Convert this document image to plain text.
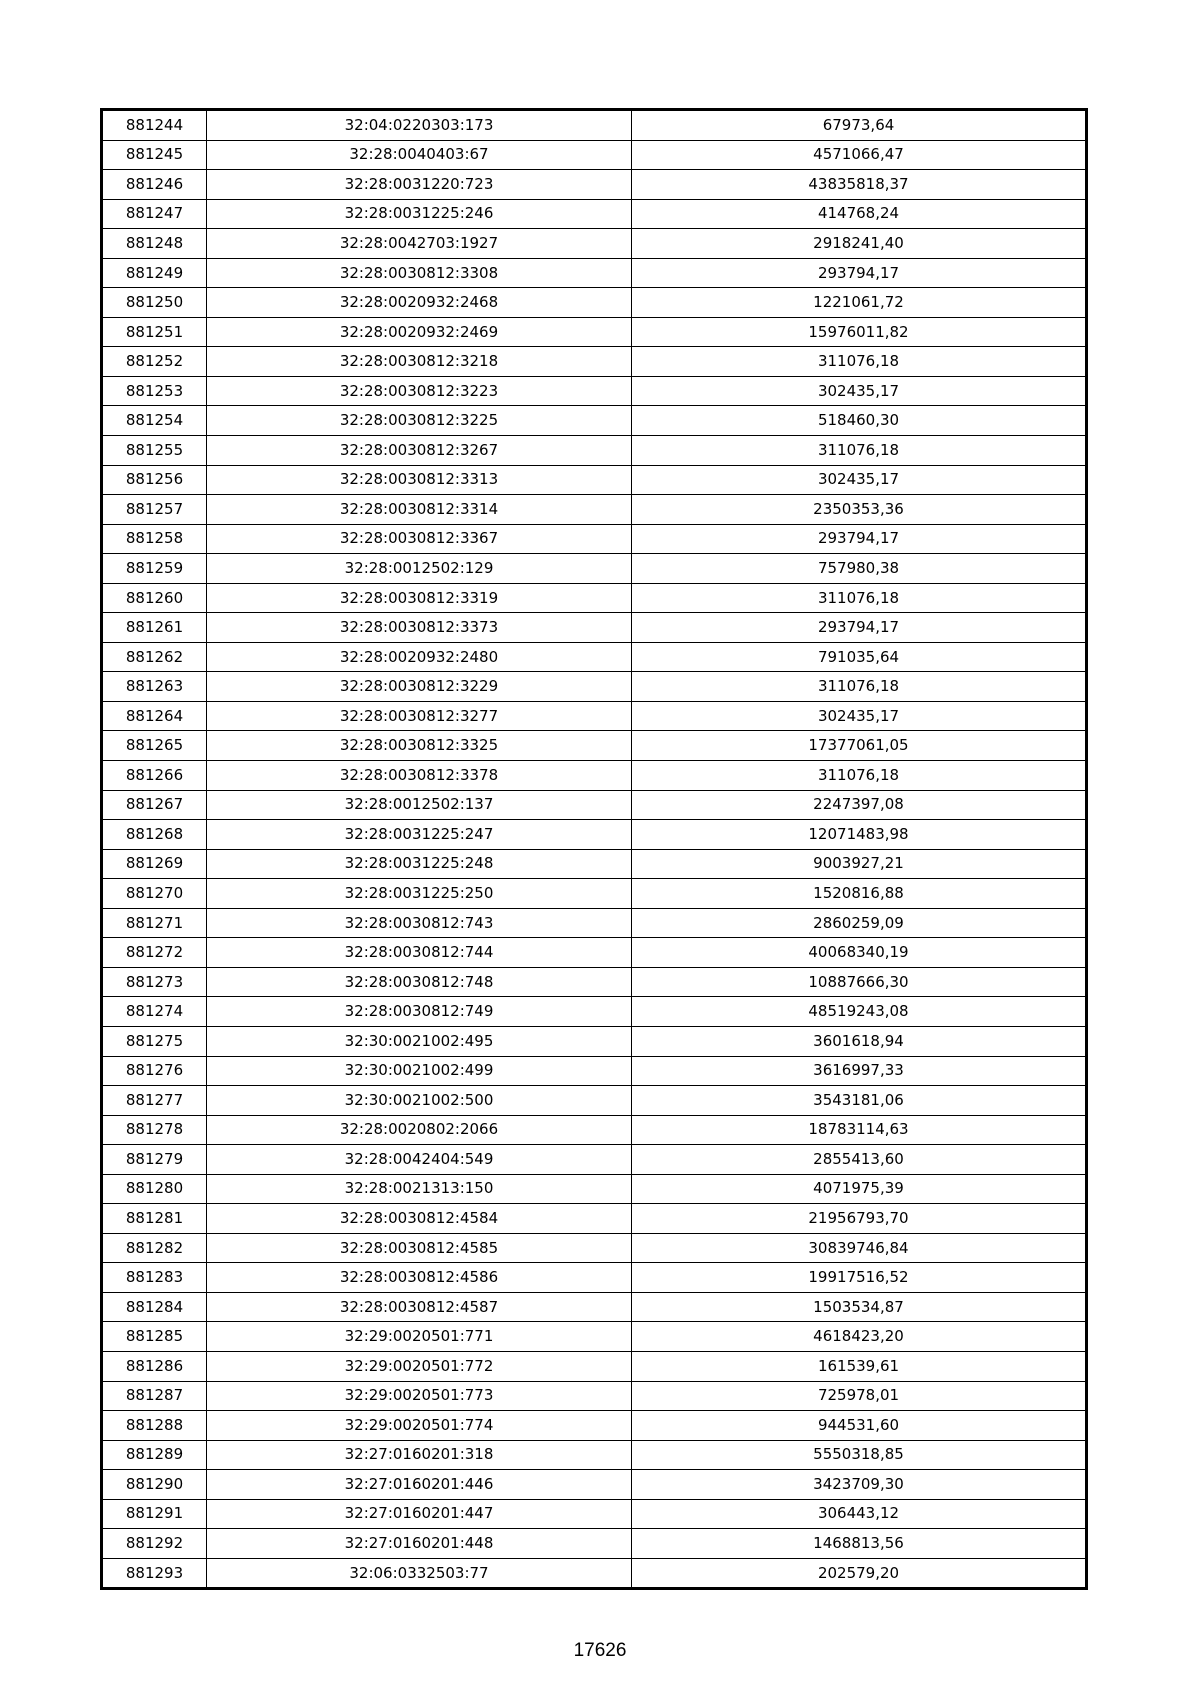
881244	32:04:0220303:173	67973,64
881245	32:28:0040403:67	4571066,47
881246	32:28:0031220:723	43835818,37
881247	32:28:0031225:246	414768,24
881248	32:28:0042703:1927	2918241,40
881249	32:28:0030812:3308	293794,17
881250	32:28:0020932:2468	1221061,72
881251	32:28:0020932:2469	15976011,82
881252	32:28:0030812:3218	311076,18
881253	32:28:0030812:3223	302435,17
881254	32:28:0030812:3225	518460,30
881255	32:28:0030812:3267	311076,18
881256	32:28:0030812:3313	302435,17
881257	32:28:0030812:3314	2350353,36
881258	32:28:0030812:3367	293794,17
881259	32:28:0012502:129	757980,38
881260	32:28:0030812:3319	311076,18
881261	32:28:0030812:3373	293794,17
881262	32:28:0020932:2480	791035,64
881263	32:28:0030812:3229	311076,18
881264	32:28:0030812:3277	302435,17
881265	32:28:0030812:3325	17377061,05
881266	32:28:0030812:3378	311076,18
881267	32:28:0012502:137	2247397,08
881268	32:28:0031225:247	12071483,98
881269	32:28:0031225:248	9003927,21
881270	32:28:0031225:250	1520816,88
881271	32:28:0030812:743	2860259,09
881272	32:28:0030812:744	40068340,19
881273	32:28:0030812:748	10887666,30
881274	32:28:0030812:749	48519243,08
881275	32:30:0021002:495	3601618,94
881276	32:30:0021002:499	3616997,33
881277	32:30:0021002:500	3543181,06
881278	32:28:0020802:2066	18783114,63
881279	32:28:0042404:549	2855413,60
881280	32:28:0021313:150	4071975,39
881281	32:28:0030812:4584	21956793,70
881282	32:28:0030812:4585	30839746,84
881283	32:28:0030812:4586	19917516,52
881284	32:28:0030812:4587	1503534,87
881285	32:29:0020501:771	4618423,20
881286	32:29:0020501:772	161539,61
881287	32:29:0020501:773	725978,01
881288	32:29:0020501:774	944531,60
881289	32:27:0160201:318	5550318,85
881290	32:27:0160201:446	3423709,30
881291	32:27:0160201:447	306443,12
881292	32:27:0160201:448	1468813,56
881293	32:06:0332503:77	202579,20
17626
